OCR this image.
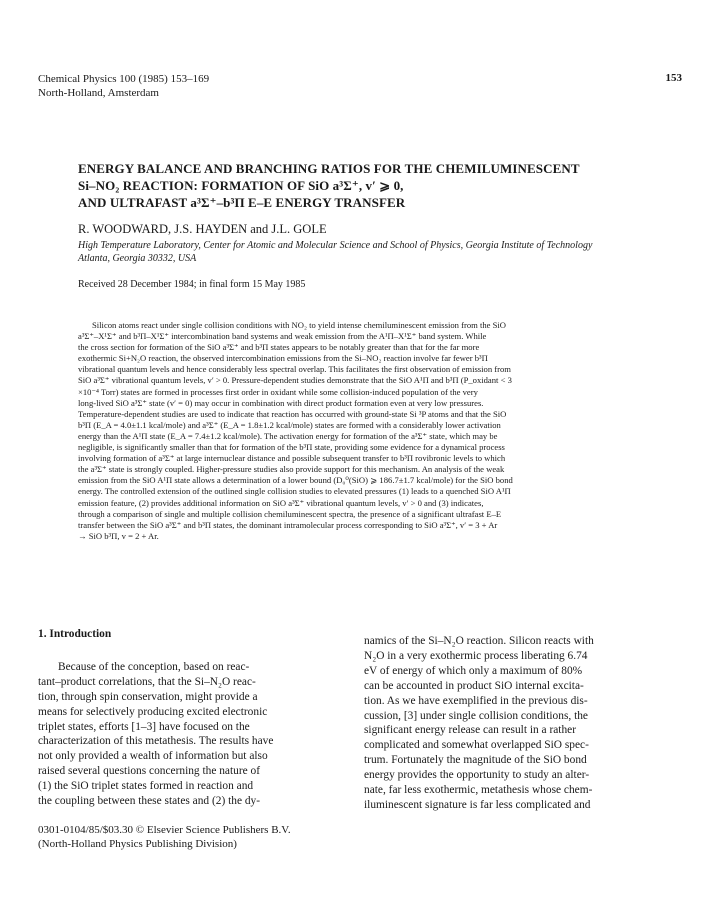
Chemical Physics 100 (1985) 153–169
North-Holland, Amsterdam
153
ENERGY BALANCE AND BRANCHING RATIOS FOR THE CHEMILUMINESCENT
Si–NO₂ REACTION: FORMATION OF SiO a³Σ⁺, v′ ⩾ 0,
AND ULTRAFAST a³Σ⁺–b³Π E–E ENERGY TRANSFER
R. WOODWARD, J.S. HAYDEN and J.L. GOLE
High Temperature Laboratory, Center for Atomic and Molecular Science and School of Physics, Georgia Institute of Technology
Atlanta, Georgia 30332, USA
Received 28 December 1984; in final form 15 May 1985
Silicon atoms react under single collision conditions with NO₂ to yield intense chemiluminescent emission from the SiO
a³Σ⁺–X¹Σ⁺ and b³Π–X¹Σ⁺ intercombination band systems and weak emission from the A¹Π–X¹Σ⁺ band system. While
the cross section for formation of the SiO a³Σ⁺ and b³Π states appears to be notably greater than that for the far more
exothermic Si+N₂O reaction, the observed intercombination emissions from the Si–NO₂ reaction involve far fewer b³Π
vibrational quantum levels and hence considerably less spectral overlap. This facilitates the first observation of emission from
SiO a³Σ⁺ vibrational quantum levels, v′ > 0. Pressure-dependent studies demonstrate that the SiO A¹Π and b³Π (P_oxidant < 3
×10⁻⁴ Torr) states are formed in processes first order in oxidant while some collision-induced population of the very
long-lived SiO a³Σ⁺ state (v′ = 0) may occur in combination with direct product formation even at very low pressures.
Temperature-dependent studies are used to indicate that reaction has occurred with ground-state Si ³P atoms and that the SiO
b³Π (E_A = 4.0±1.1 kcal/mole) and a³Σ⁺ (E_A = 1.8±1.2 kcal/mole) states are formed with a considerably lower activation
energy than the A¹Π state (E_A = 7.4±1.2 kcal/mole). The activation energy for formation of the a³Σ⁺ state, which may be
negligible, is significantly smaller than that for formation of the b³Π state, providing some evidence for a dynamical process
involving formation of a³Σ⁺ at large internuclear distance and possible subsequent transfer to b³Π rovibronic levels to which
the a³Σ⁺ state is strongly coupled. Higher-pressure studies also provide support for this mechanism. An analysis of the weak
emission from the SiO A¹Π state allows a determination of a lower bound (D₀⁰(SiO) ⩾ 186.7±1.7 kcal/mole) for the SiO bond
energy. The controlled extension of the outlined single collision studies to elevated pressures (1) leads to a quenched SiO A¹Π
emission feature, (2) provides additional information on SiO a³Σ⁺ vibrational quantum levels, v′ > 0 and (3) indicates,
through a comparison of single and multiple collision chemiluminescent spectra, the presence of a significant ultrafast E–E
transfer between the SiO a³Σ⁺ and b³Π states, the dominant intramolecular process corresponding to SiO a³Σ⁺, v′ = 3 + Ar
→ SiO b³Π, v = 2 + Ar.
1. Introduction

Because of the conception, based on reac-
tant–product correlations, that the Si–N₂O reac-
tion, through spin conservation, might provide a
means for selectively producing excited electronic
triplet states, efforts [1–3] have focused on the
characterization of this metathesis. The results have
not only provided a wealth of information but also
raised several questions concerning the nature of
(1) the SiO triplet states formed in reaction and
the coupling between these states and (2) the dy-

namics of the Si–N₂O reaction. Silicon reacts with
N₂O in a very exothermic process liberating 6.74
eV of energy of which only a maximum of 80%
can be accounted in product SiO internal excita-
tion. As we have exemplified in the previous dis-
cussion, [3] under single collision conditions, the
significant energy release can result in a rather
complicated and somewhat overlapped SiO spec-
trum. Fortunately the magnitude of the SiO bond
energy provides the opportunity to study an alter-
nate, far less exothermic, metathesis whose chem-
iluminescent signature is far less complicated and

0301-0104/85/$03.30 © Elsevier Science Publishers B.V.
(North-Holland Physics Publishing Division)
